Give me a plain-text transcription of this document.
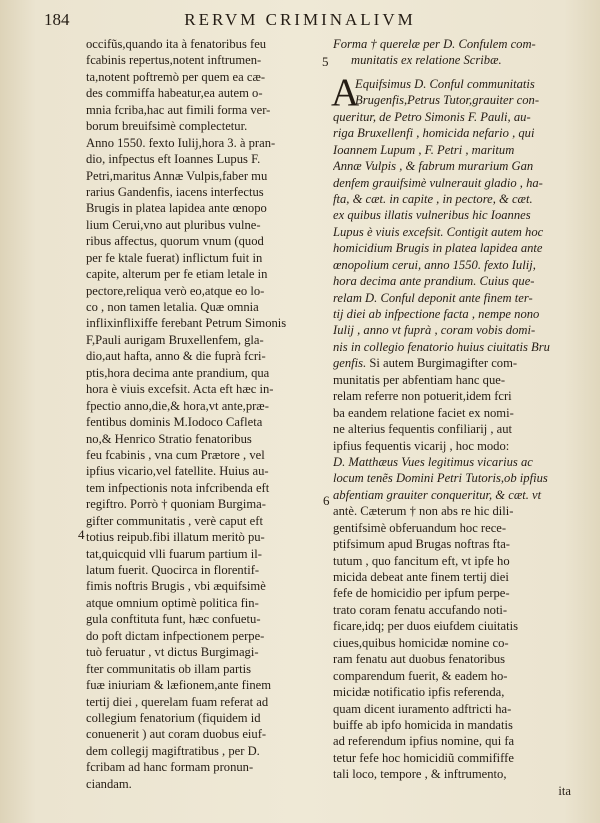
184	RERVM CRIMINALIVM
5
4
6
occifũs,quando ita à fenatoribus feu
fcabinis repertus,notent inftrumen-
ta,notent poftremò per quem ea cæ-
des commiffa habeatur,ea autem o-
mnia fcriba,hac aut fimili forma ver-
borum breuifsimè complectetur.
Anno 1550. fexto Iulij,hora 3. à pran-
dio, infpectus eft Ioannes Lupus F.
Petri,maritus Annæ Vulpis,faber mu
rarius Gandenfis, iacens interfectus
Brugis in platea lapidea ante œnopo
lium Cerui,vno aut pluribus vulne-
ribus affectus, quorum vnum (quod
per fe ktale fuerat) inflictum fuit in
capite, alterum per fe etiam letale in
pectore,reliqua verò eo,atque eo lo-
co , non tamen letalia. Quæ omnia
inflixinflixiffe ferebant Petrum Simonis
F,Pauli aurigam Bruxellenfem, gla-
dio,aut hafta, anno & die fuprà fcri-
ptis,hora decima ante prandium, qua
hora è viuis excefsit. Acta eft hæc in-
fpectio anno,die,& hora,vt ante,præ-
fentibus dominis M.Iodoco Cafleta
no,& Henrico Stratio fenatoribus
feu fcabinis , vna cum Prætore , vel
ipfius vicario,vel fatellite. Huius au-
tem infpectionis nota infcribenda eft
regiftro. Porrò † quoniam Burgima-
gifter communitatis , verè caput eft
totius reipub.fibi illatum meritò pu-
tat,quicquid vlli fuarum partium il-
latum fuerit. Quocirca in florentif-
fimis noftris Brugis , vbi æquifsimè
atque omnium optimè politica fin-
gula conftituta funt, hæc confuetu-
do poft dictam infpectionem perpe-
tuò feruatur , vt dictus Burgimagi-
fter communitatis ob illam partis
fuæ iniuriam & læfionem,ante finem
tertij diei , querelam fuam referat ad
collegium fenatorium (fiquidem id
conuenerit ) aut coram duobus eiuf-
dem collegij magiftratibus , per D.
fcribam ad hanc formam pronun-
ciandam.
Forma † querelæ per D. Confulem com-
munitatis ex relatione Scribæ.
A
Equifsimus D. Conful communitatis
Brugenfis,Petrus Tutor,grauiter con-
queritur, de Petro Simonis F. Pauli, au-
riga Bruxellenfi , homicida nefario , qui
Ioannem Lupum , F. Petri , maritum
Annæ Vulpis , & fabrum murarium Gan
denfem grauifsimè vulnerauit gladio , ha-
fta, & cæt. in capite , in pectore, & cæt.
ex quibus illatis vulneribus hic Ioannes
Lupus è viuis excefsit. Contigit autem hoc
homicidium Brugis in platea lapidea ante
œnopolium cerui, anno 1550. fexto Iulij,
hora decima ante prandium. Cuius que-
relam D. Conful deponit ante finem ter-
tij diei ab infpectione facta , nempe nono
Iulij , anno vt fuprà , coram vobis domi-
nis in collegio fenatorio huius ciuitatis Bru
genfis. Si autem Burgimagifter com-
munitatis per abfentiam hanc que-
relam referre non potuerit,idem fcri
ba eandem relatione faciet ex nomi-
ne alterius fequentis confiliarij , aut
ipfius fequentis vicarij , hoc modo:
D. Matthæus Vues legitimus vicarius ac
locum tenẽs Domini Petri Tutoris,ob ipfius
abfentiam grauiter conqueritur, & cæt. vt
antè. Cæterum † non abs re hic dili-
gentifsimè obferuandum hoc rece-
ptifsimum apud Brugas noftras fta-
tutum , quo fancitum eft, vt ipfe ho
micida debeat ante finem tertij diei
fefe de homicidio per ipfum perpe-
trato coram fenatu accufando noti-
ficare,idq; per duos eiufdem ciuitatis
ciues,quibus homicidæ nomine co-
ram fenatu aut duobus fenatoribus
comparendum fuerit, & eadem ho-
micidæ notificatio ipfis referenda,
quam dicent iuramento adftricti ha-
buiffe ab ipfo homicida in mandatis
ad referendum ipfius nomine, qui fa
tetur fefe hoc homicidiũ commififfe
tali loco, tempore , & inftrumento,
ita
